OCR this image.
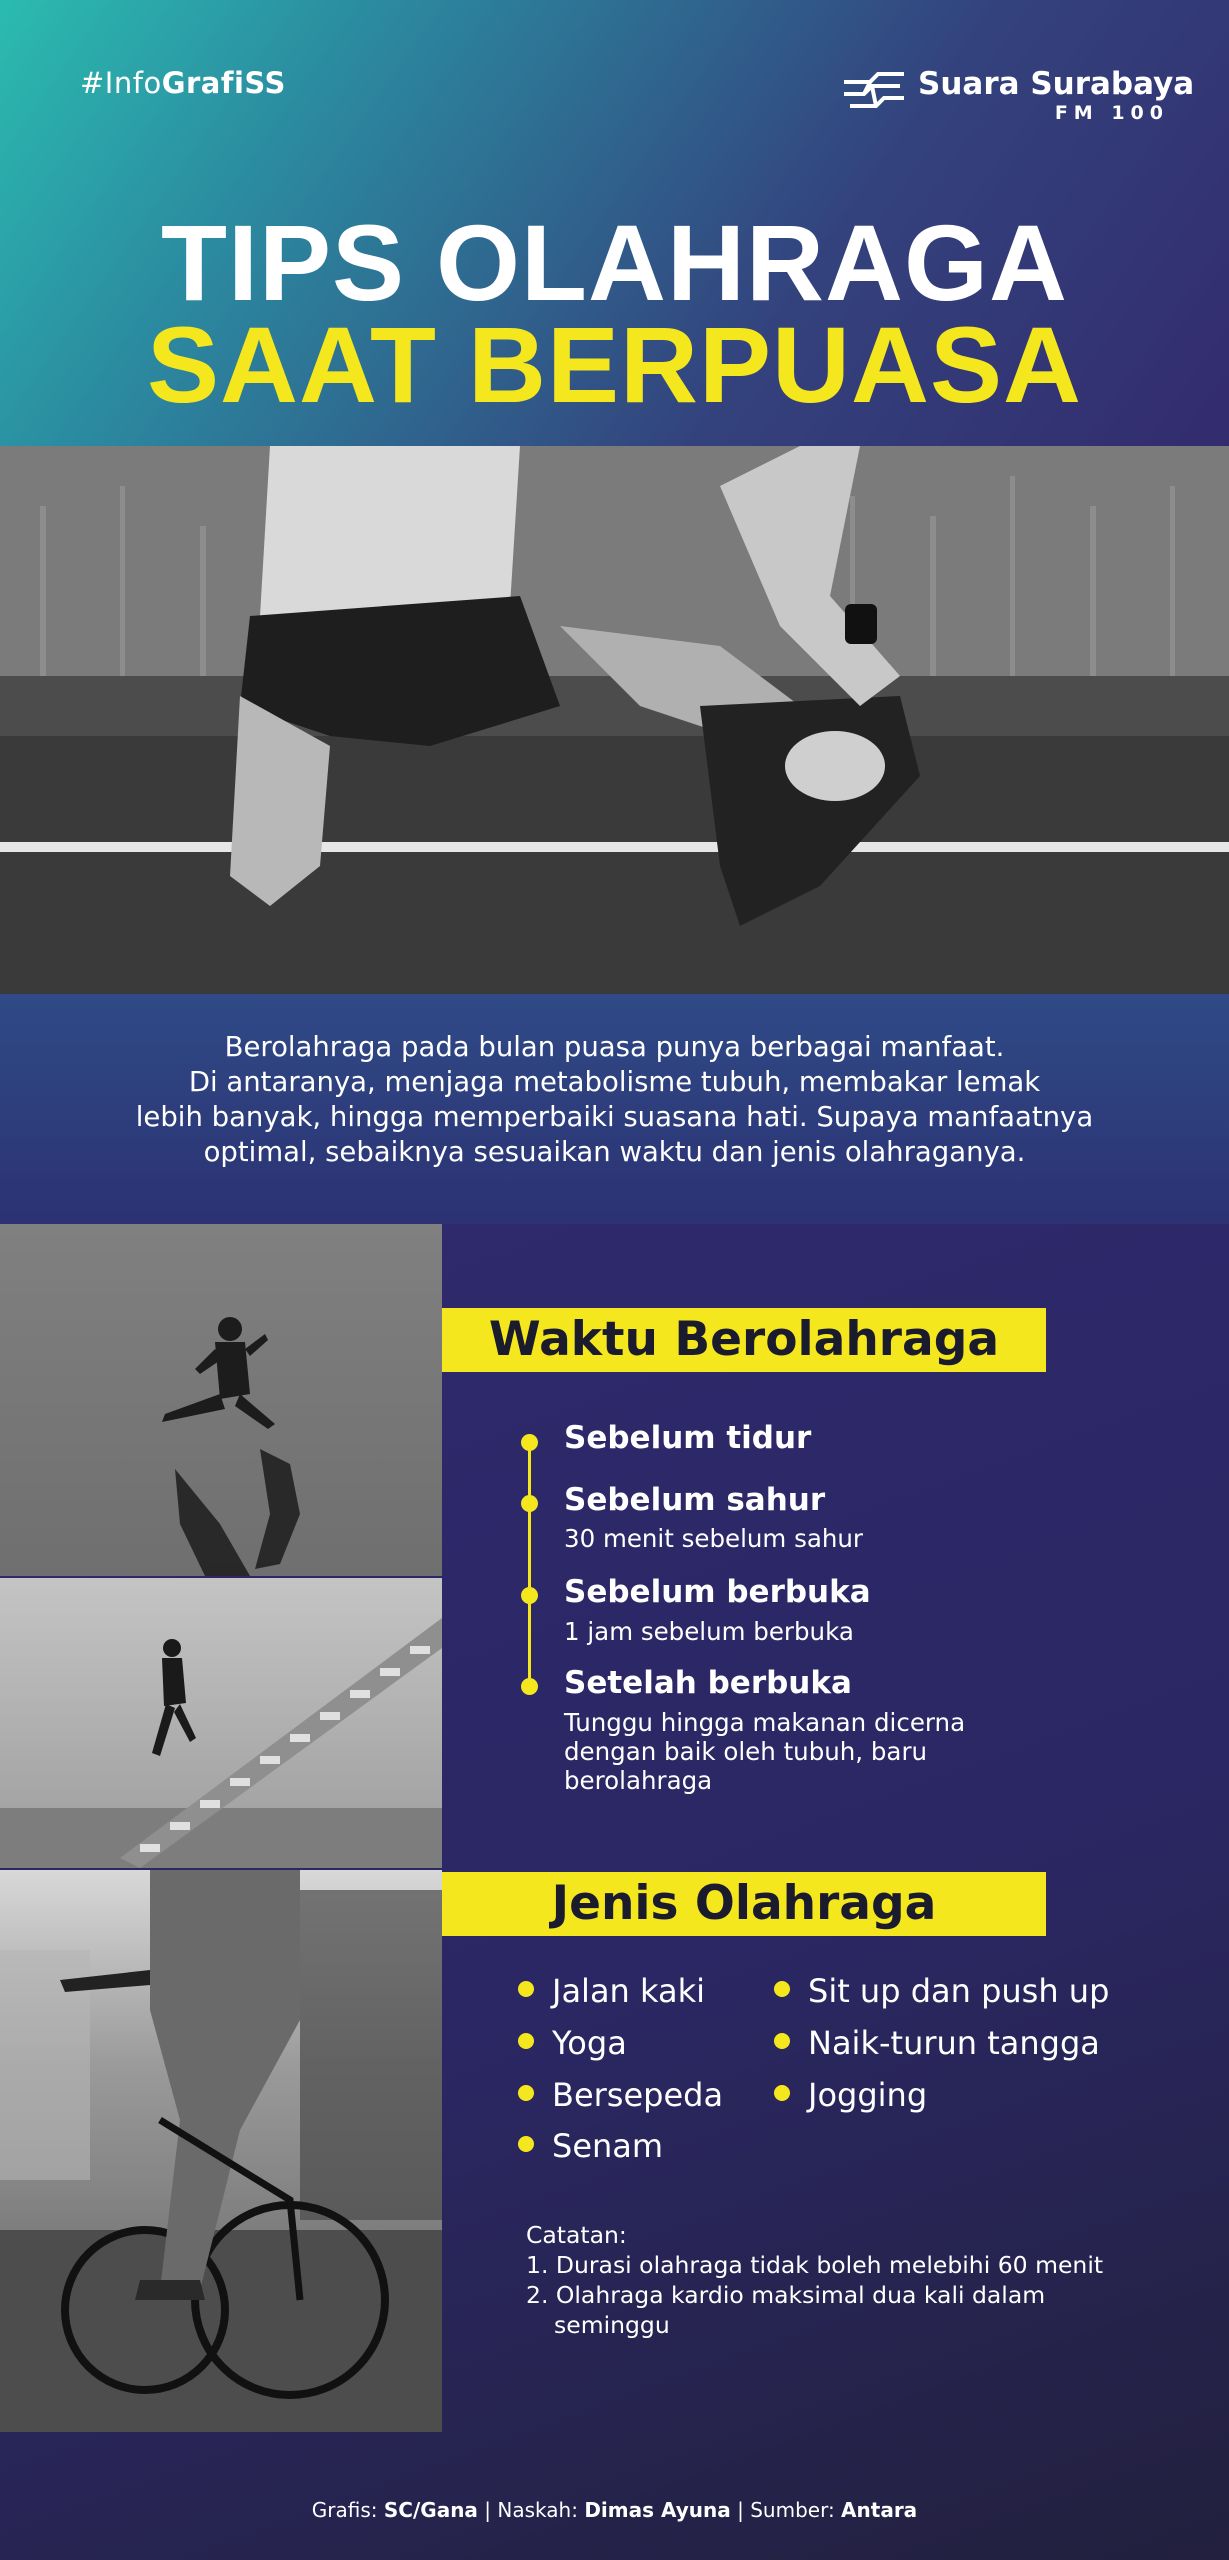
#InfoGrafiSS	Suara Surabaya
FM 100
TIPS OLAHRAGA
SAAT BERPUASA
Berolahraga pada bulan puasa punya berbagai manfaat.
Di antaranya, menjaga metabolisme tubuh, membakar lemak
lebih banyak, hingga memperbaiki suasana hati. Supaya manfaatnya
optimal, sebaiknya sesuaikan waktu dan jenis olahraganya.
Waktu Berolahraga
Sebelum tidur
Sebelum sahur
30 menit sebelum sahur
Sebelum berbuka
1 jam sebelum berbuka
Setelah berbuka
Tunggu hingga makanan dicerna
dengan baik oleh tubuh, baru
berolahraga
Jenis Olahraga
Jalan kaki
Yoga
Bersepeda
Senam
Sit up dan push up
Naik-turun tangga
Jogging
Catatan:
1. Durasi olahraga tidak boleh melebihi 60 menit
2. Olahraga kardio maksimal dua kali dalam seminggu
Grafis: SC/Gana | Naskah: Dimas Ayuna | Sumber: Antara
